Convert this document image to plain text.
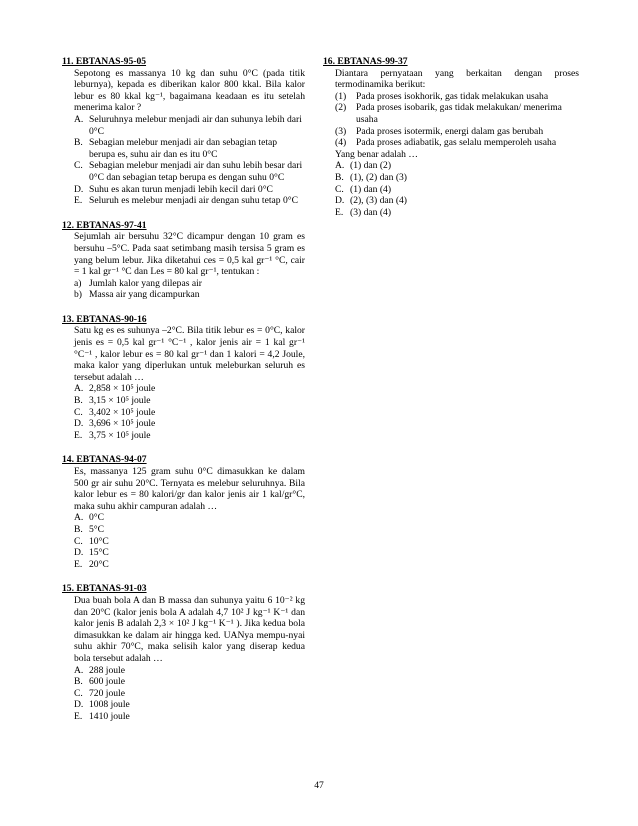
11. EBTANAS-95-05
Sepotong es massanya 10 kg dan suhu 0°C (pada titik leburnya), kepada es diberikan kalor 800 kkal. Bila kalor lebur es 80 kkal kg⁻¹, bagaimana keadaan es itu setelah menerima kalor ?
A. Seluruhnya melebur menjadi air dan suhunya lebih dari 0°C
B. Sebagian melebur menjadi air dan sebagian tetap berupa es, suhu air dan es itu 0°C
C. Sebagian melebur menjadi air dan suhu lebih besar dari 0°C dan sebagian tetap berupa es dengan suhu 0°C
D. Suhu es akan turun menjadi lebih kecil dari 0°C
E. Seluruh es melebur menjadi air dengan suhu tetap 0°C
12. EBTANAS-97-41
Sejumlah air bersuhu 32°C dicampur dengan 10 gram es bersuhu –5°C. Pada saat setimbang masih tersisa 5 gram es yang belum lebur. Jika diketahui ces = 0,5 kal gr⁻¹ °C, cair = 1 kal gr⁻¹ °C dan Les = 80 kal gr⁻¹, tentukan :
a) Jumlah kalor yang dilepas air
b) Massa air yang dicampurkan
13. EBTANAS-90-16
Satu kg es es suhunya –2°C. Bila titik lebur es = 0°C, kalor jenis es = 0,5 kal gr⁻¹ °C⁻¹ , kalor jenis air = 1 kal gr⁻¹ °C⁻¹ , kalor lebur es = 80 kal gr⁻¹ dan 1 kalori = 4,2 Joule, maka kalor yang diperlukan untuk meleburkan seluruh es tersebut adalah …
A. 2,858 × 10⁵ joule
B. 3,15 × 10⁵ joule
C. 3,402 × 10⁵ joule
D. 3,696 × 10⁵ joule
E. 3,75 × 10⁵ joule
14. EBTANAS-94-07
Es, massanya 125 gram suhu 0°C dimasukkan ke dalam 500 gr air suhu 20°C. Ternyata es melebur seluruhnya. Bila kalor lebur es = 80 kalori/gr dan kalor jenis air 1 kal/gr°C, maka suhu akhir campuran adalah …
A. 0°C
B. 5°C
C. 10°C
D. 15°C
E. 20°C
15. EBTANAS-91-03
Dua buah bola A dan B massa dan suhunya yaitu 6 10⁻² kg dan 20°C (kalor jenis bola A adalah 4,7 10² J kg⁻¹ K⁻¹ dan kalor jenis B adalah 2,3 × 10² J kg⁻¹ K⁻¹ ). Jika kedua bola dimasukkan ke dalam air hingga ked. UANya mempu-nyai suhu akhir 70°C, maka selisih kalor yang diserap kedua bola tersebut adalah …
A. 288 joule
B. 600 joule
C. 720 joule
D. 1008 joule
E. 1410 joule
16. EBTANAS-99-37
Diantara pernyataan yang berkaitan dengan proses termodinamika berikut:
(1) Pada proses isokhorik, gas tidak melakukan usaha
(2) Pada proses isobarik, gas tidak melakukan/ menerima usaha
(3) Pada proses isotermik, energi dalam gas berubah
(4) Pada proses adiabatik, gas selalu memperoleh usaha
Yang benar adalah …
A. (1) dan (2)
B. (1), (2) dan (3)
C. (1) dan (4)
D. (2), (3) dan (4)
E. (3) dan (4)
47
